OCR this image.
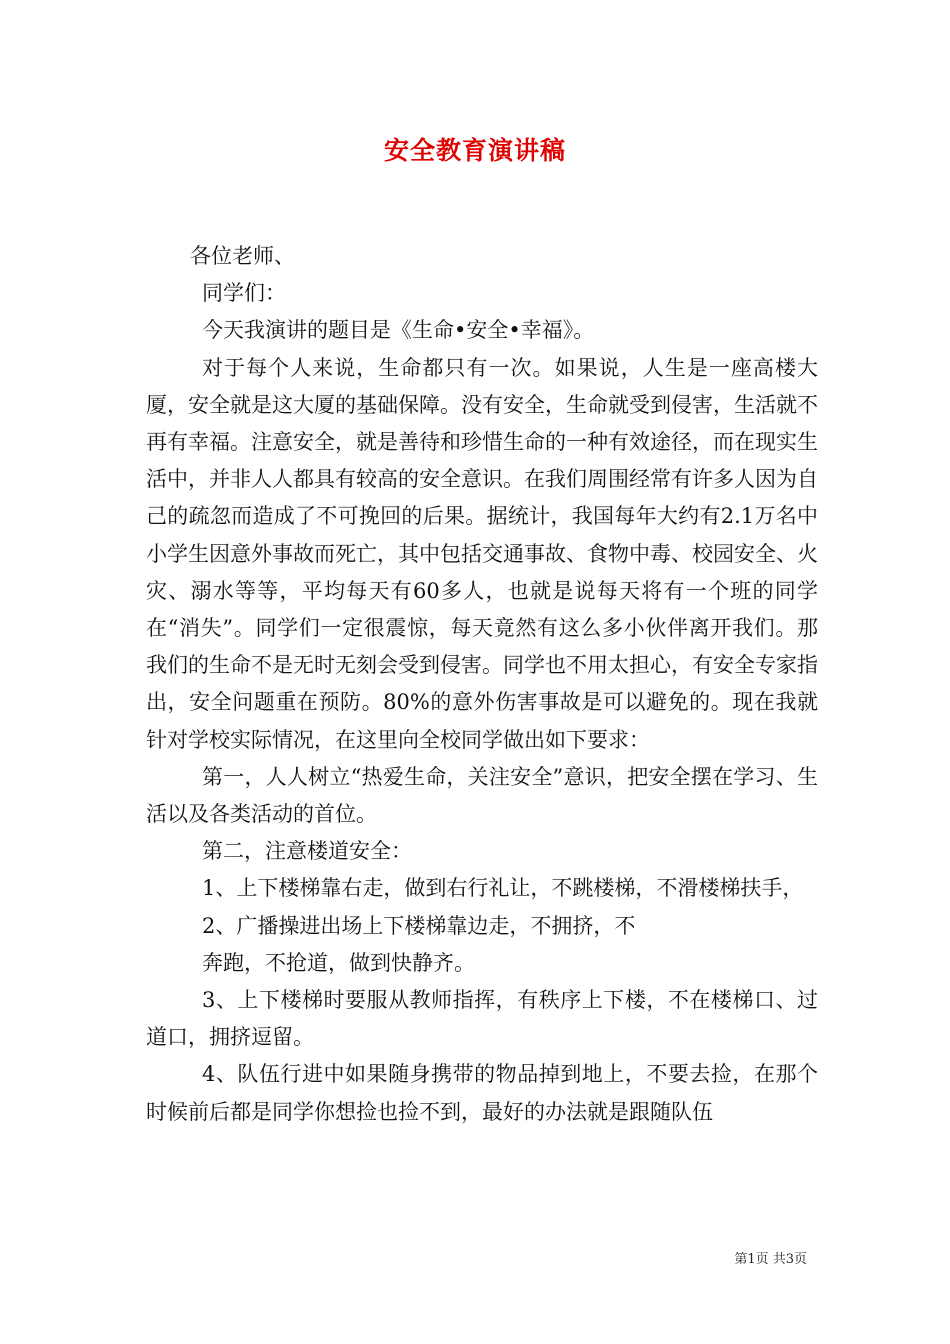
安全教育演讲稿

各位老师、

同学们：

今天我演讲的题目是《生命•安全•幸福》。

对于每个人来说，生命都只有一次。如果说，人生是一座高楼大厦，安全就是这大厦的基础保障。没有安全，生命就受到侵害，生活就不再有幸福。注意安全，就是善待和珍惜生命的一种有效途径，而在现实生活中，并非人人都具有较高的安全意识。在我们周围经常有许多人因为自己的疏忽而造成了不可挽回的后果。据统计，我国每年大约有2.1万名中小学生因意外事故而死亡，其中包括交通事故、食物中毒、校园安全、火灾、溺水等等，平均每天有60多人，也就是说每天将有一个班的同学在“消失”。同学们一定很震惊，每天竟然有这么多小伙伴离开我们。那我们的生命不是无时无刻会受到侵害。同学也不用太担心，有安全专家指出，安全问题重在预防。80%的意外伤害事故是可以避免的。现在我就针对学校实际情况，在这里向全校同学做出如下要求：

第一，人人树立“热爱生命，关注安全”意识，把安全摆在学习、生活以及各类活动的首位。

第二，注意楼道安全：

1、上下楼梯靠右走，做到右行礼让，不跳楼梯，不滑楼梯扶手，

2、广播操进出场上下楼梯靠边走，不拥挤，不

奔跑，不抢道，做到快静齐。

3、上下楼梯时要服从教师指挥，有秩序上下楼，不在楼梯口、过道口，拥挤逗留。

4、队伍行进中如果随身携带的物品掉到地上，不要去捡，在那个时候前后都是同学你想捡也捡不到，最好的办法就是跟随队伍

第1页 共3页
